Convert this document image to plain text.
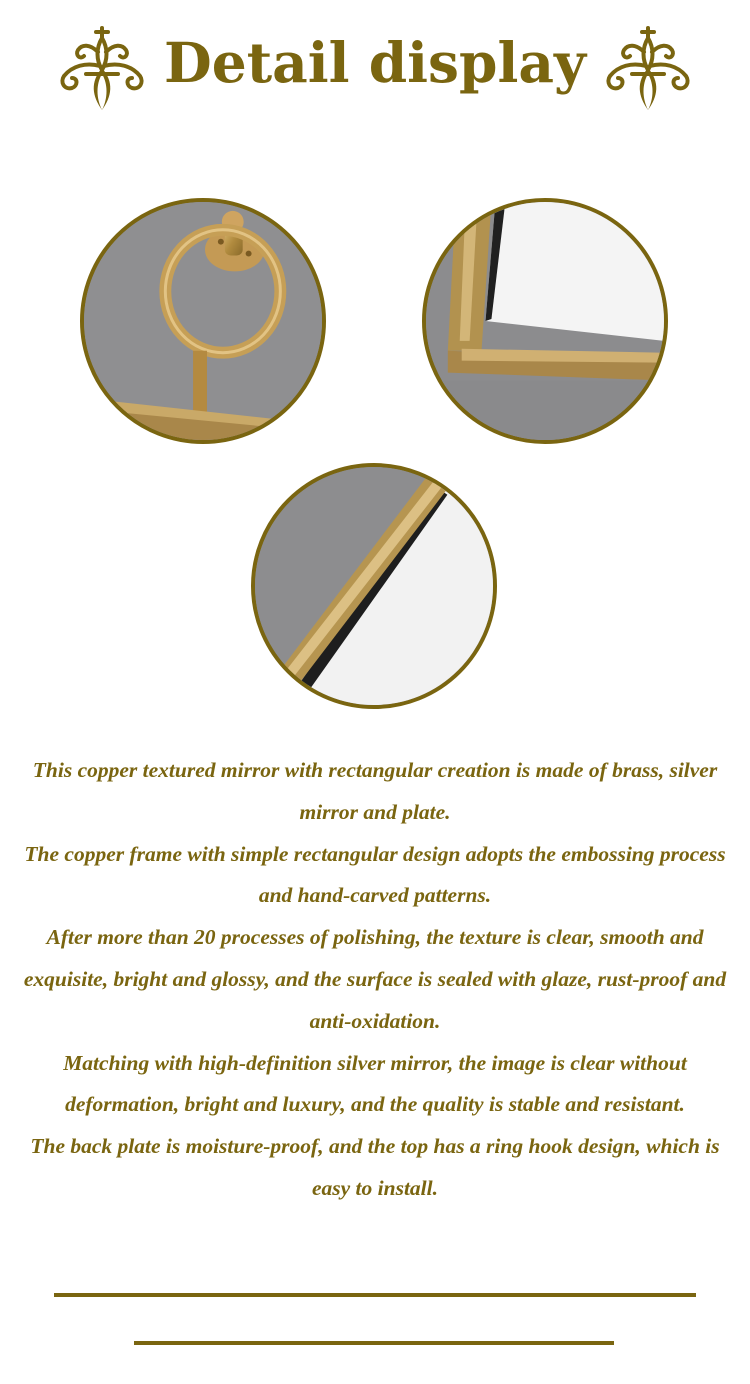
Detail display

This copper textured mirror with rectangular creation is made of brass, silver mirror and plate.

The copper frame with simple rectangular design adopts the embossing process and hand-carved patterns.

After more than 20 processes of polishing, the texture is clear, smooth and exquisite, bright and glossy, and the surface is sealed with glaze, rust-proof and anti-oxidation.

Matching with high-definition silver mirror, the image is clear without deformation, bright and luxury, and the quality is stable and resistant.

The back plate is moisture-proof, and the top has a ring hook design, which is easy to install.
